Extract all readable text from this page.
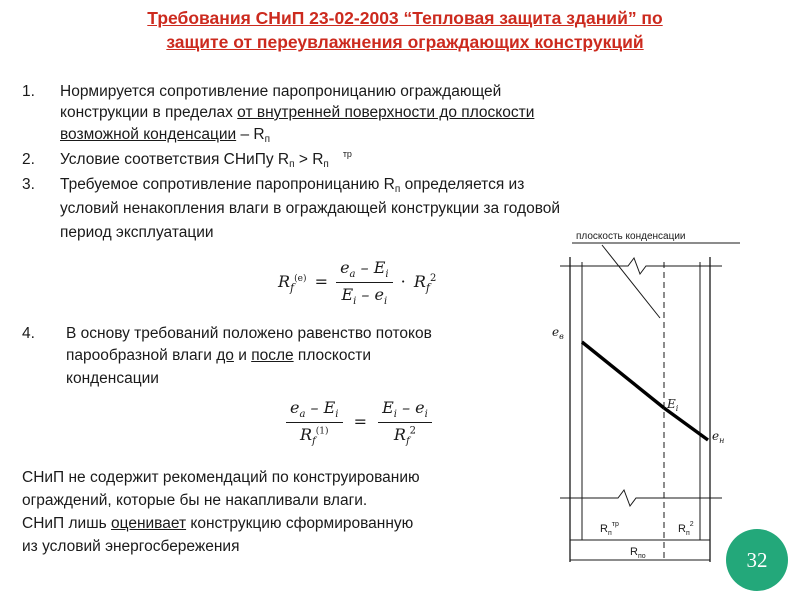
Требования СНиП 23-02-2003 “Тепловая защита зданий” по
защите от переувлажнения ограждающих конструкций
1. Нормируется сопротивление паропроницанию ограждающей
конструкции в пределах от внутренней поверхности до плоскости
возможной конденсации – $R_п$
2. Условие соответствия СНиПу $R_п > R_п^{тр}$
3. Требуемое сопротивление паропроницанию $R_п$ определяется из
условий ненакопления влаги в ограждающей конструкции за годовой
период эксплуатации
$R_f^{(e)} = \frac{e_a - E_i}{E_i - e_i} \cdot R_f^2$
4. В основу требований положено равенство потоков
парообразной влаги до и после плоскости
конденсации
$\frac{e_a - E_i}{R_f^{(1)}} = \frac{E_i - e_i}{R_f^2}$
СНиП не содержит рекомендаций по конструированию
ограждений, которые бы не накапливали влаги.
СНиП лишь оценивает конструкцию сформированную
из условий энергосбережения
плоскость конденсации
$e_в$
$E_i$
$e_н$
$R_п^{тр}$	$R_п^2$
$R_{по}$	32
